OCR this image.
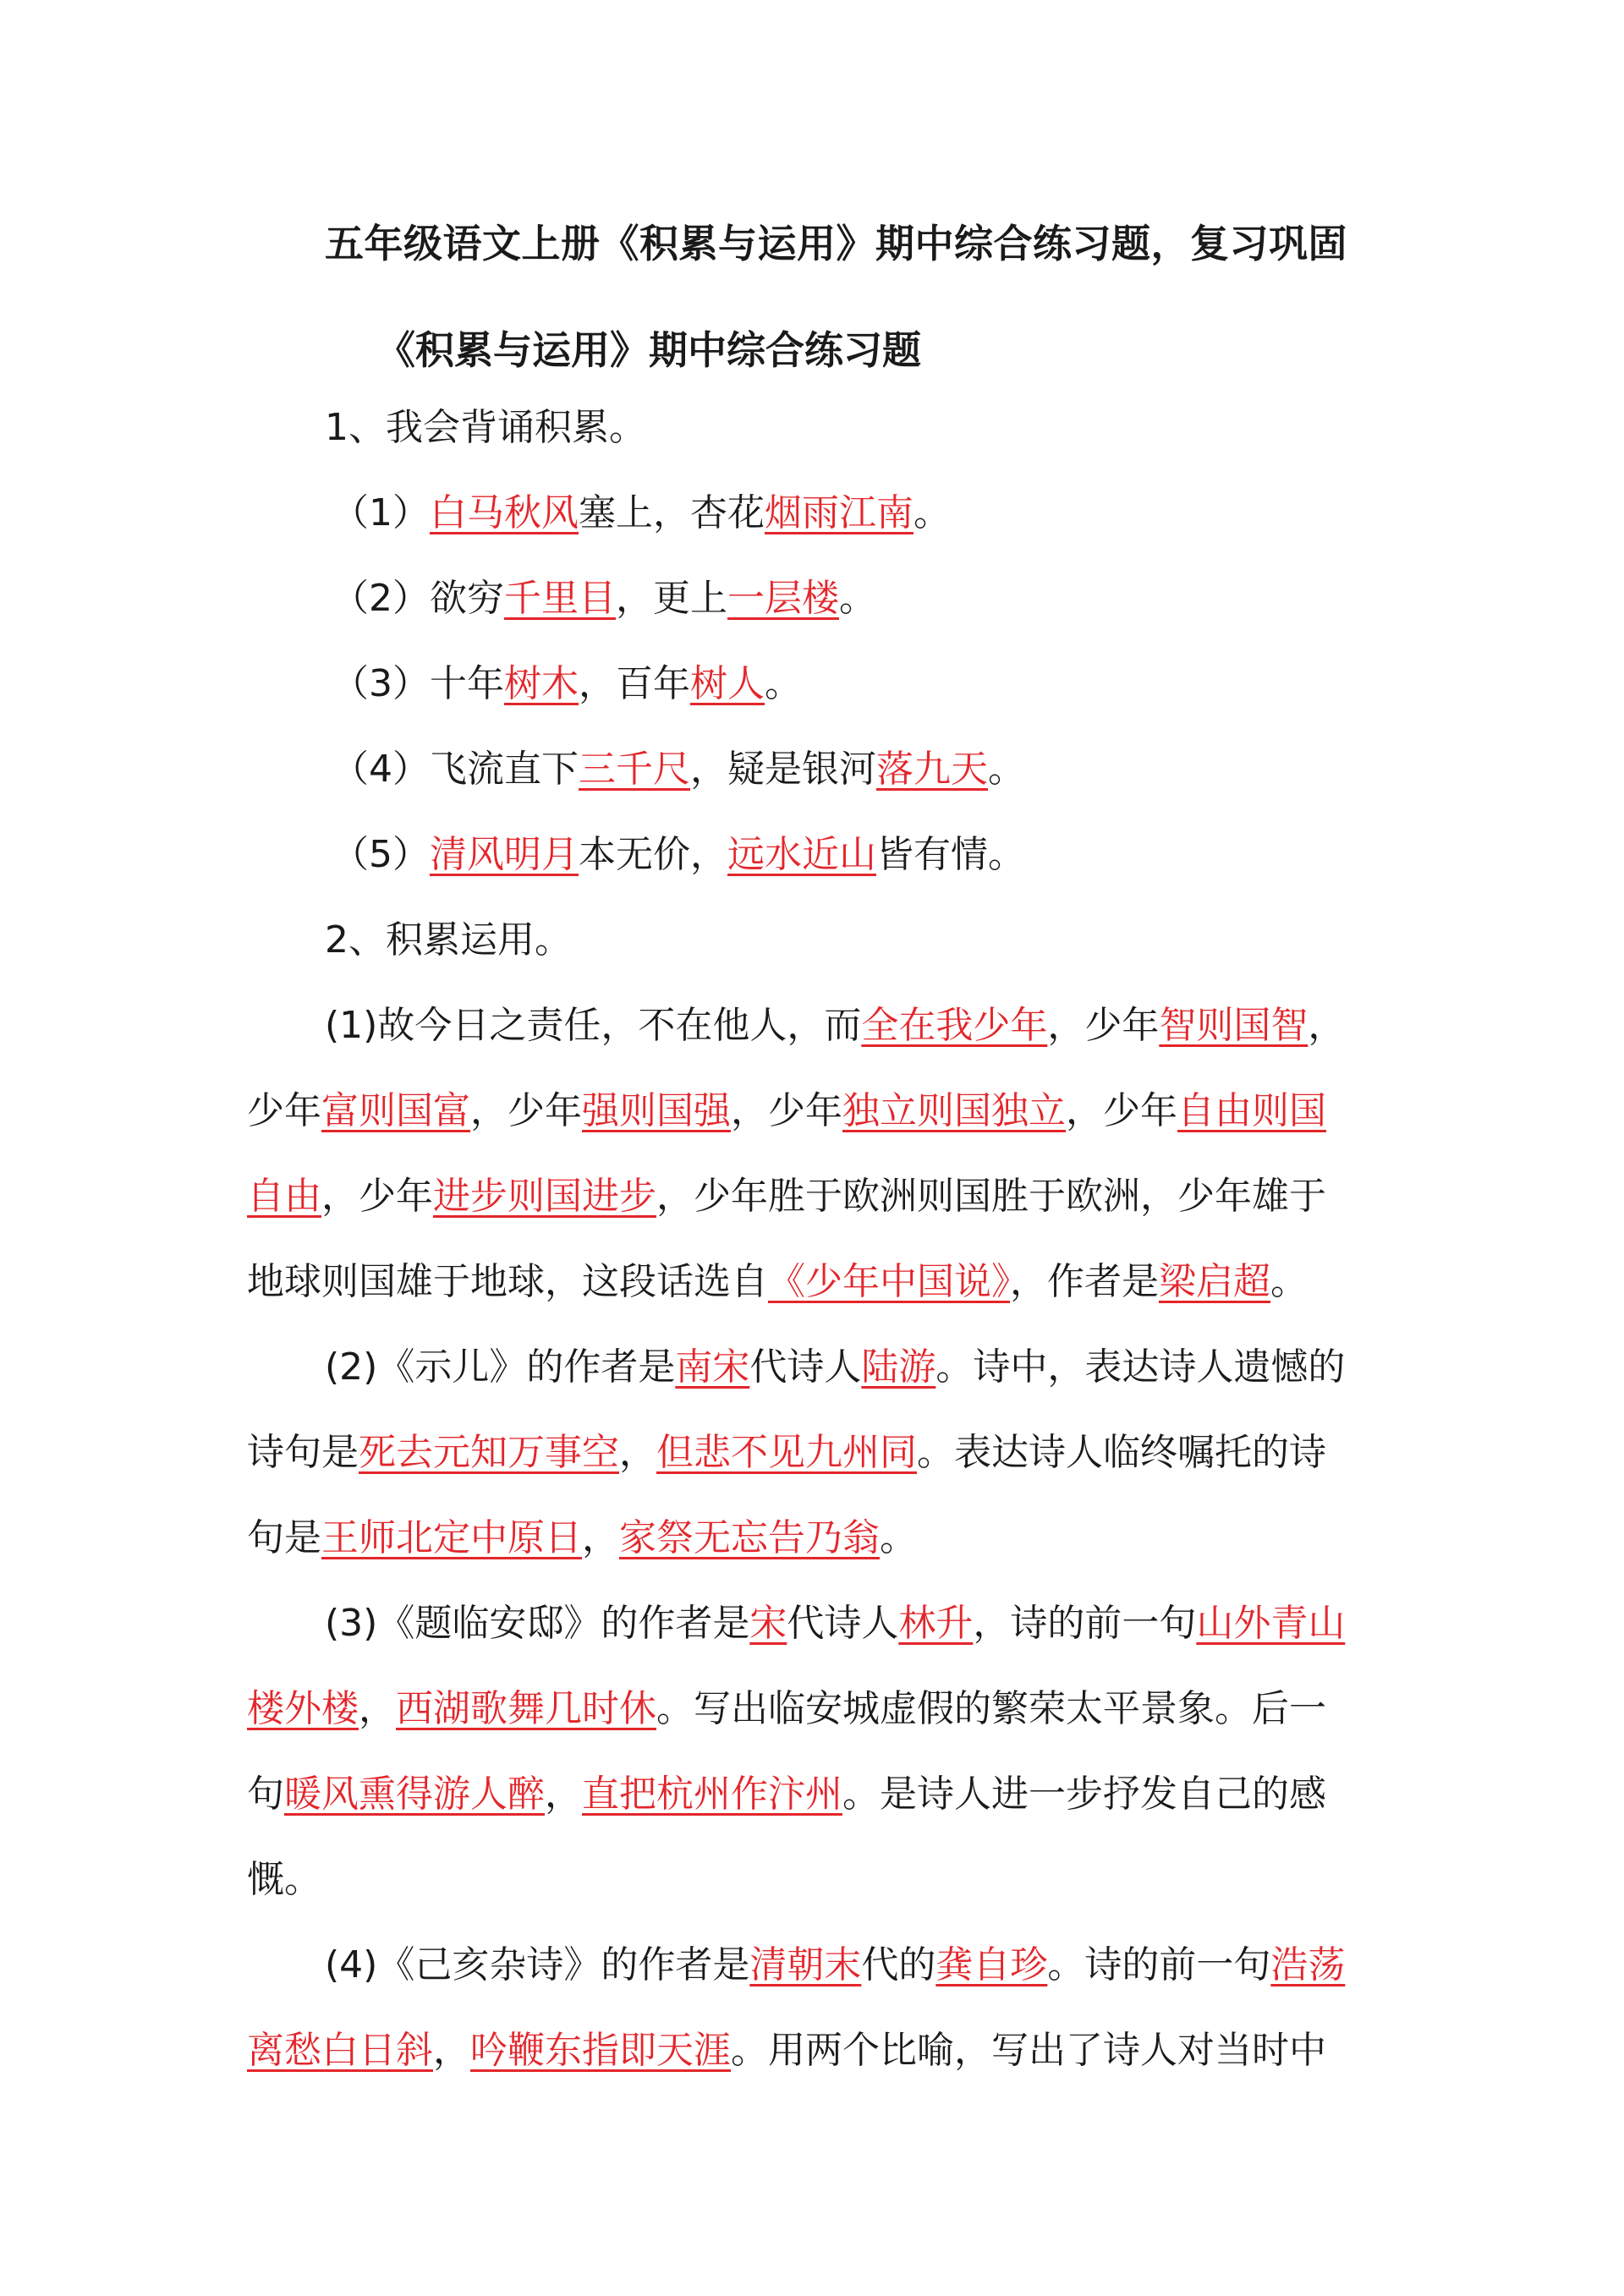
五年级语文上册《积累与运用》期中综合练习题，复习巩固
《积累与运用》期中综合练习题
1、我会背诵积累。
（1）白马秋风塞上，杏花烟雨江南。
（2）欲穷千里目，更上一层楼。
（3）十年树木，百年树人。
（4）飞流直下三千尺，疑是银河落九天。
（5）清风明月本无价，远水近山皆有情。
2、积累运用。
(1)故今日之责任，不在他人，而全在我少年，少年智则国智，
少年富则国富，少年强则国强，少年独立则国独立，少年自由则国
自由，少年进步则国进步，少年胜于欧洲则国胜于欧洲，少年雄于
地球则国雄于地球，这段话选自《少年中国说》，作者是梁启超。
(2)《示儿》的作者是南宋代诗人陆游。诗中，表达诗人遗憾的
诗句是死去元知万事空，但悲不见九州同。表达诗人临终嘱托的诗
句是王师北定中原日，家祭无忘告乃翁。
(3)《题临安邸》的作者是宋代诗人林升，诗的前一句山外青山
楼外楼，西湖歌舞几时休。写出临安城虚假的繁荣太平景象。后一
句暖风熏得游人醉，直把杭州作汴州。是诗人进一步抒发自己的感
慨。
(4)《己亥杂诗》的作者是清朝末代的龚自珍。诗的前一句浩荡
离愁白日斜，吟鞭东指即天涯。用两个比喻，写出了诗人对当时中
